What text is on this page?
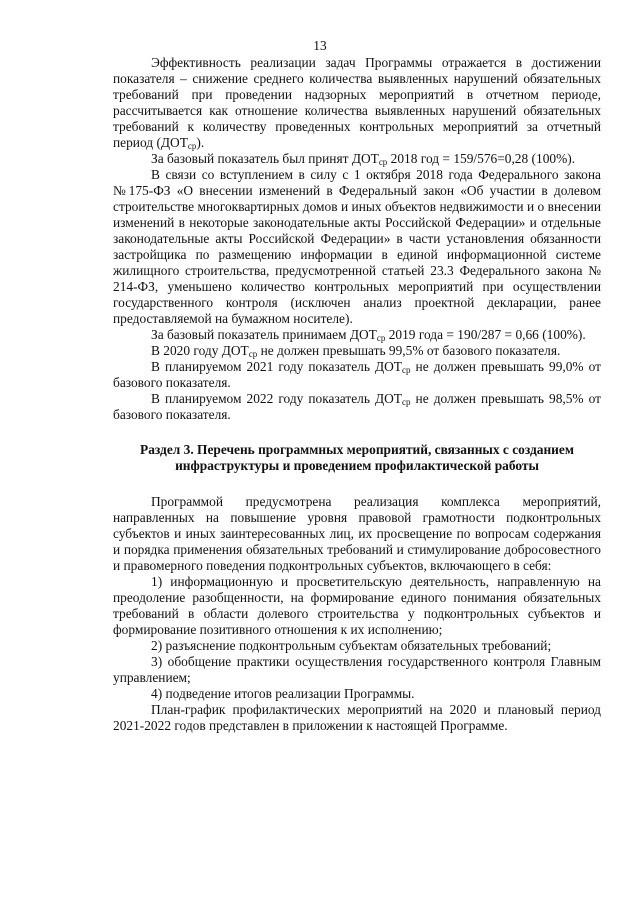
13

Эффективность реализации задач Программы отражается в достижении показателя – снижение среднего количества выявленных нарушений обязательных требований при проведении надзорных мероприятий в отчетном периоде, рассчитывается как отношение количества выявленных нарушений обязательных требований к количеству проведенных контрольных мероприятий за отчетный период $(ДОТ_{ср})$.

За базовый показатель был принят $ДОТ_{ср}$ 2018 год = 159/576=0,28 (100%).

В связи со вступлением в силу с 1 октября 2018 года Федерального закона №175-ФЗ «О внесении изменений в Федеральный закон «Об участии в долевом строительстве многоквартирных домов и иных объектов недвижимости и о внесении изменений в некоторые законодательные акты Российской Федерации» и отдельные законодательные акты Российской Федерации» в части установления обязанности застройщика по размещению информации в единой информационной системе жилищного строительства, предусмотренной статьей 23.3 Федерального закона № 214-ФЗ, уменьшено количество контрольных мероприятий при осуществлении государственного контроля (исключен анализ проектной декларации, ранее предоставляемой на бумажном носителе).

За базовый показатель принимаем $ДОТ_{ср}$ 2019 года = 190/287 = 0,66 (100%).

В 2020 году $ДОТ_{ср}$ не должен превышать 99,5% от базового показателя.

В планируемом 2021 году показатель $ДОТ_{ср}$ не должен превышать 99,0% от базового показателя.

В планируемом 2022 году показатель $ДОТ_{ср}$ не должен превышать 98,5% от базового показателя.

Раздел 3. Перечень программных мероприятий, связанных с созданием
инфраструктуры и проведением профилактической работы

Программой предусмотрена реализация комплекса мероприятий, направленных на повышение уровня правовой грамотности подконтрольных субъектов и иных заинтересованных лиц, их просвещение по вопросам содержания и порядка применения обязательных требований и стимулирование добросовестного и правомерного поведения подконтрольных субъектов, включающего в себя:

1) информационную и просветительскую деятельность, направленную на преодоление разобщенности, на формирование единого понимания обязательных требований в области долевого строительства у подконтрольных субъектов и формирование позитивного отношения к их исполнению;

2) разъяснение подконтрольным субъектам обязательных требований;

3) обобщение практики осуществления государственного контроля Главным управлением;

4) подведение итогов реализации Программы.

План-график профилактических мероприятий на 2020 и плановый период 2021-2022 годов представлен в приложении к настоящей Программе.
